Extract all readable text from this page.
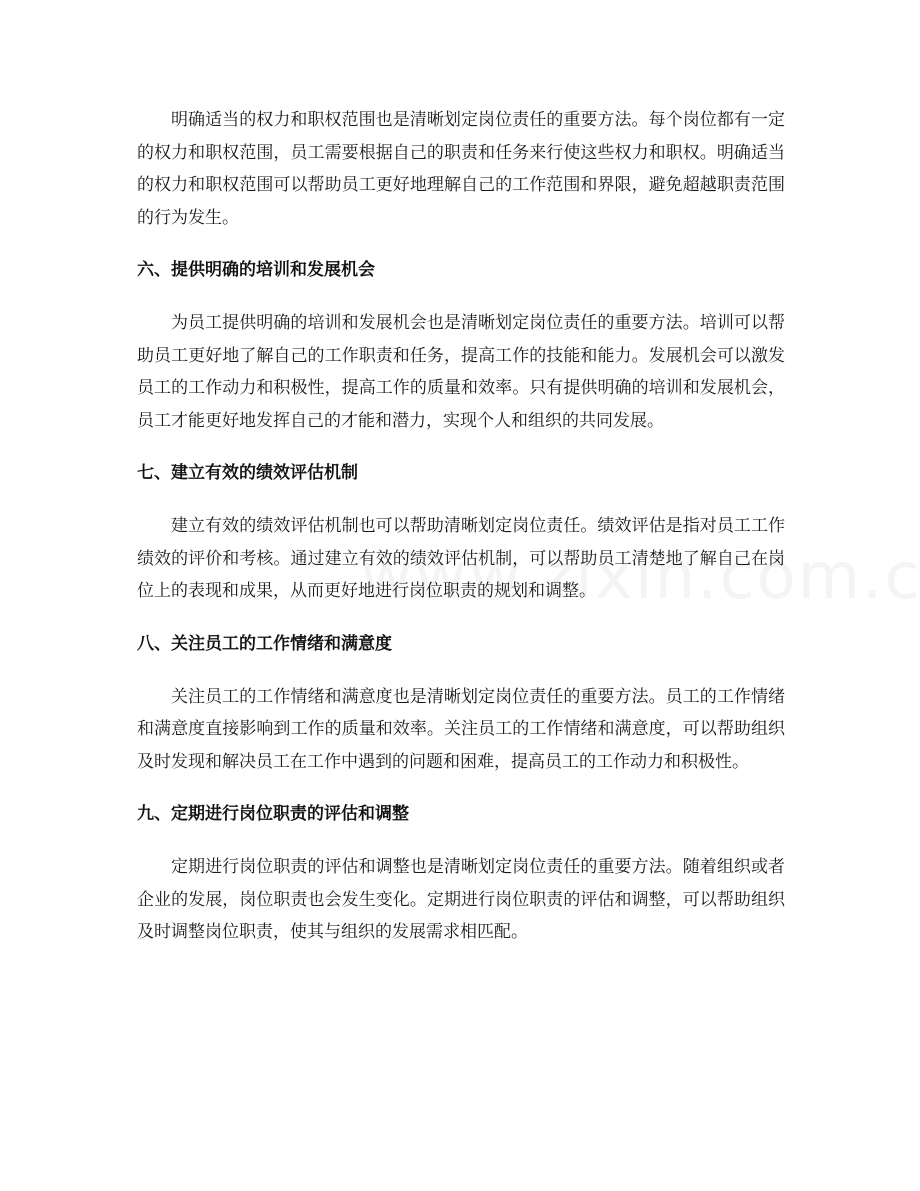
明确适当的权力和职权范围也是清晰划定岗位责任的重要方法。每个岗位都有一定的权力和职权范围，员工需要根据自己的职责和任务来行使这些权力和职权。明确适当的权力和职权范围可以帮助员工更好地理解自己的工作范围和界限，避免超越职责范围的行为发生。

六、提供明确的培训和发展机会

为员工提供明确的培训和发展机会也是清晰划定岗位责任的重要方法。培训可以帮助员工更好地了解自己的工作职责和任务，提高工作的技能和能力。发展机会可以激发员工的工作动力和积极性，提高工作的质量和效率。只有提供明确的培训和发展机会，员工才能更好地发挥自己的才能和潜力，实现个人和组织的共同发展。

七、建立有效的绩效评估机制

建立有效的绩效评估机制也可以帮助清晰划定岗位责任。绩效评估是指对员工工作绩效的评价和考核。通过建立有效的绩效评估机制，可以帮助员工清楚地了解自己在岗位上的表现和成果，从而更好地进行岗位职责的规划和调整。

八、关注员工的工作情绪和满意度

关注员工的工作情绪和满意度也是清晰划定岗位责任的重要方法。员工的工作情绪和满意度直接影响到工作的质量和效率。关注员工的工作情绪和满意度，可以帮助组织及时发现和解决员工在工作中遇到的问题和困难，提高员工的工作动力和积极性。

九、定期进行岗位职责的评估和调整

定期进行岗位职责的评估和调整也是清晰划定岗位责任的重要方法。随着组织或者企业的发展，岗位职责也会发生变化。定期进行岗位职责的评估和调整，可以帮助组织及时调整岗位职责，使其与组织的发展需求相匹配。
